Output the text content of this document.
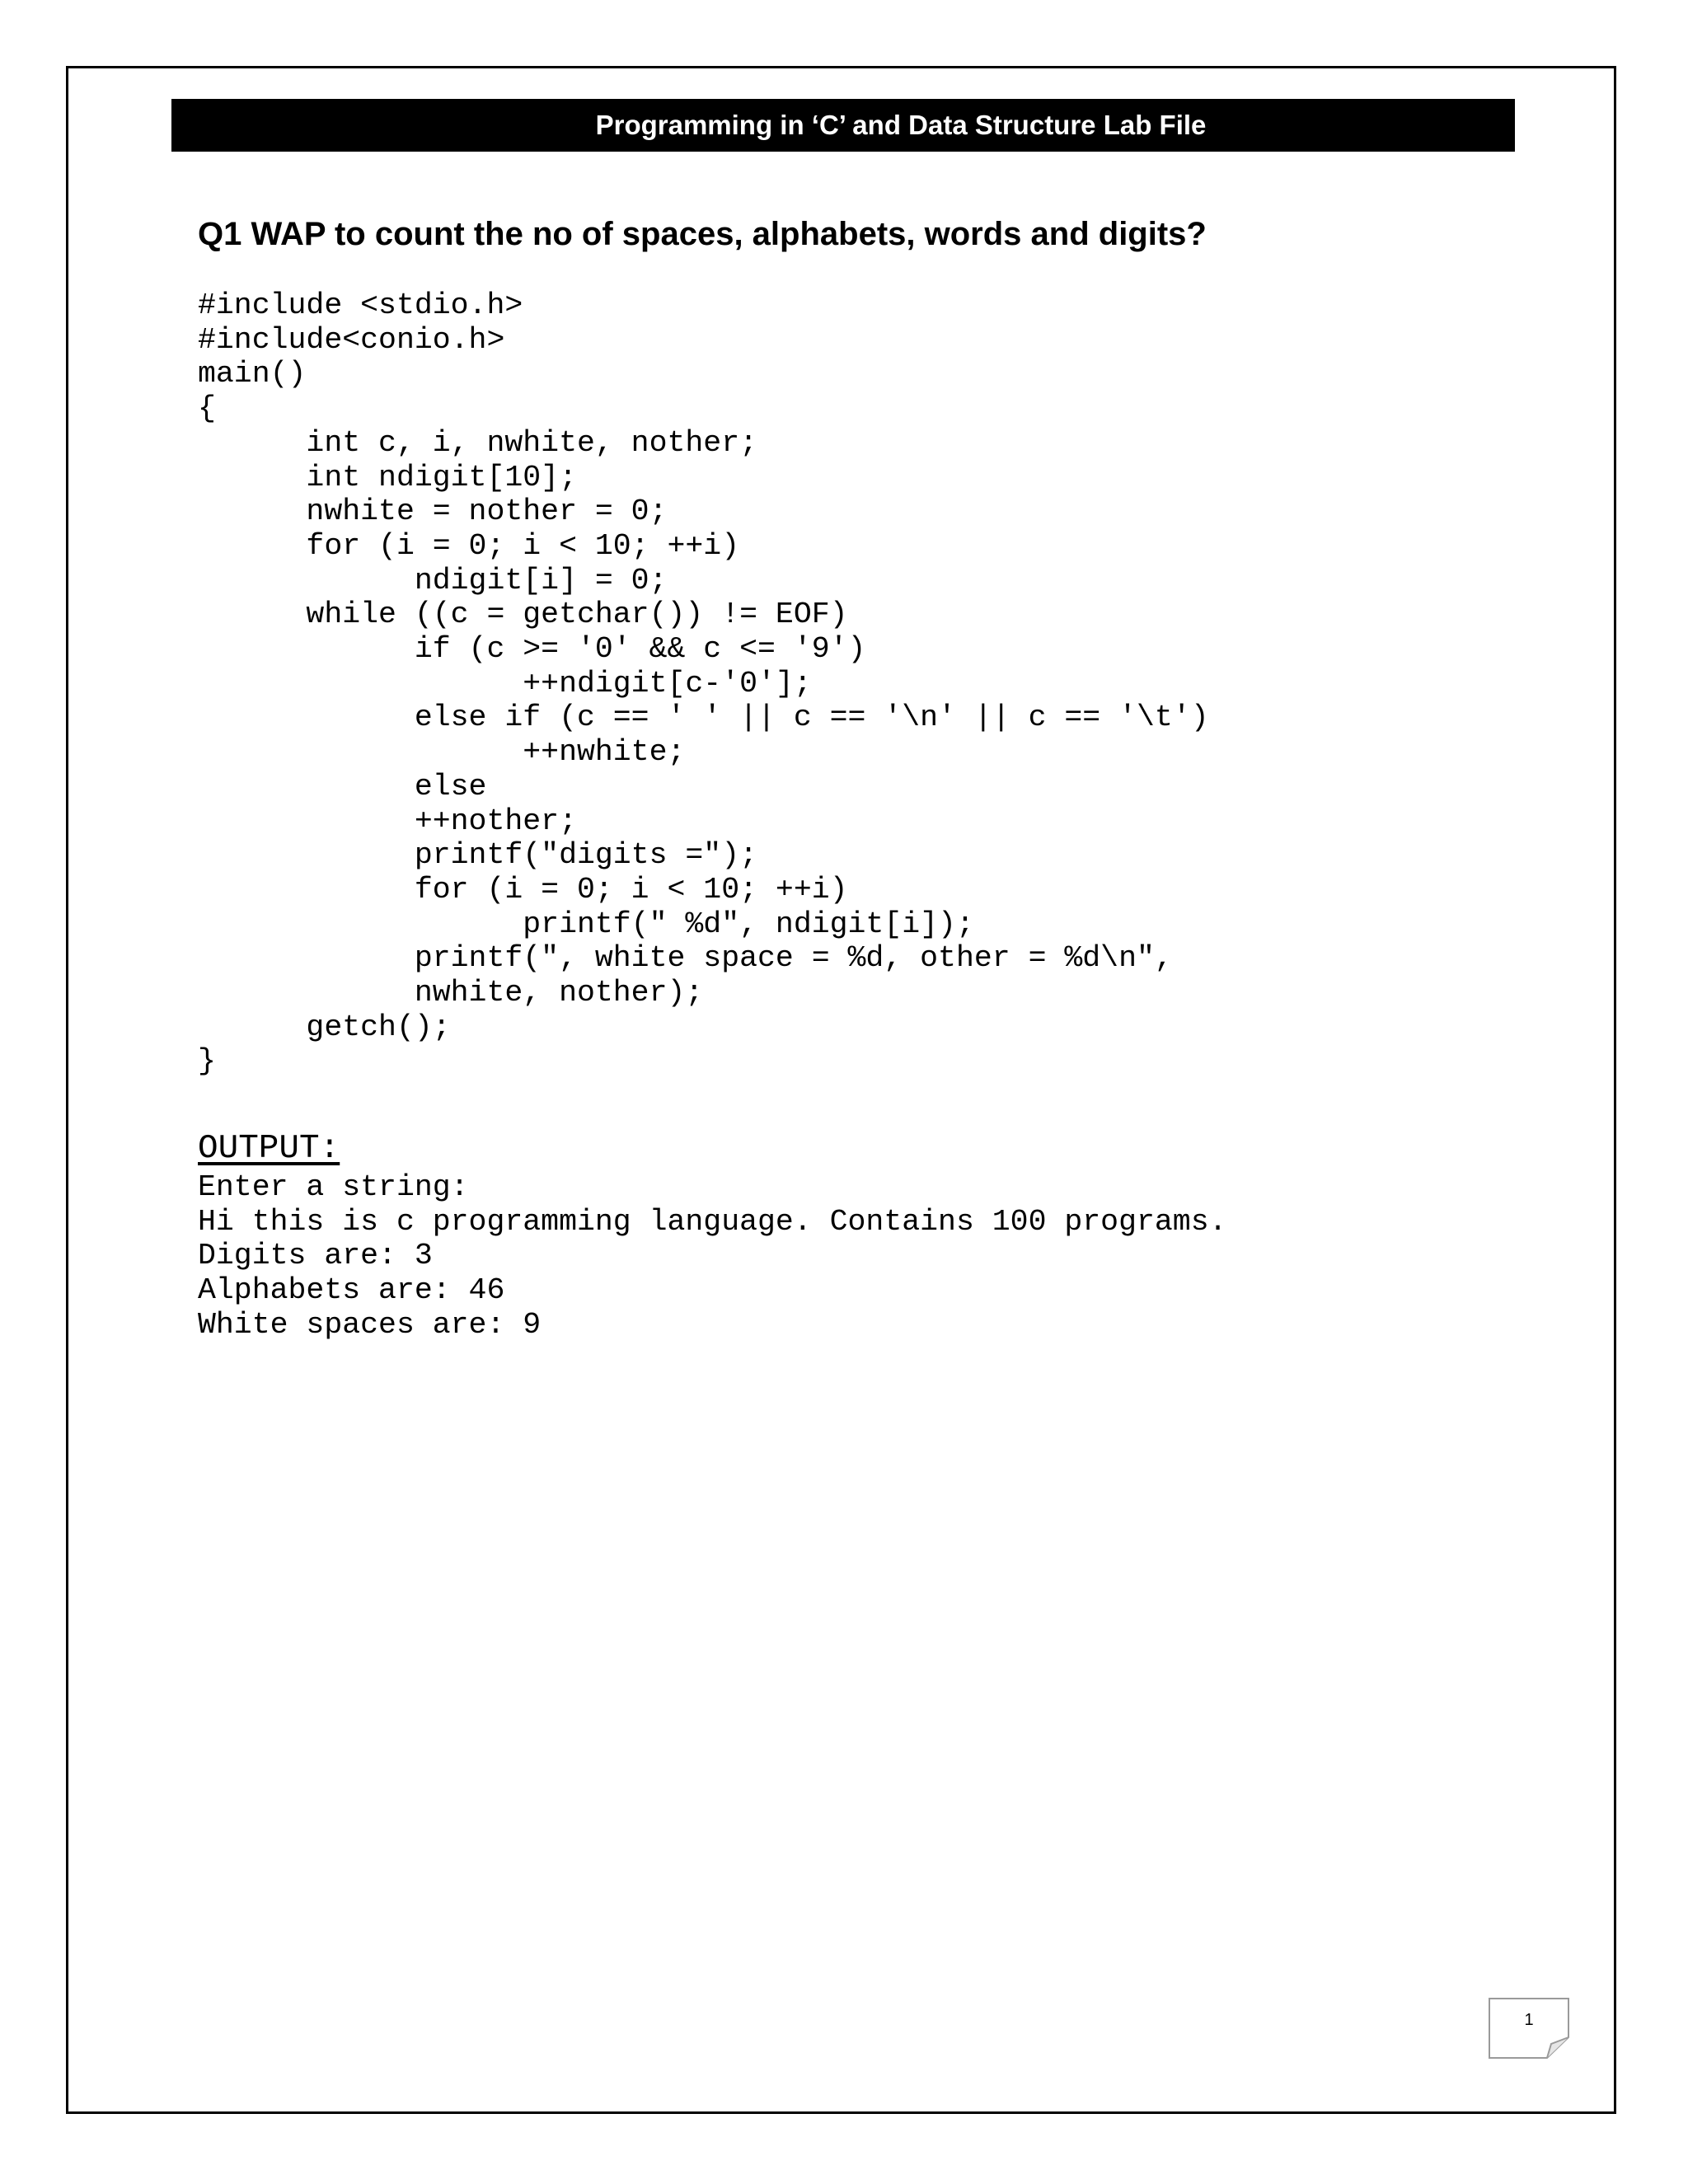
Programming in ‘C’ and Data Structure Lab File
Q1 WAP to count the no of spaces, alphabets, words and digits?
#include <stdio.h>
#include<conio.h>
main()
{
int c, i, nwhite, nother;
int ndigit[10];
nwhite = nother = 0;
for (i = 0; i < 10; ++i)
ndigit[i] = 0;
while ((c = getchar()) != EOF)
if (c >= '0' && c <= '9')
++ndigit[c-'0'];
else if (c == ' ' || c == '\n' || c == '\t')
++nwhite;
else
++nother;
printf("digits =");
for (i = 0; i < 10; ++i)
printf(" %d", ndigit[i]);
printf(", white space = %d, other = %d\n",
nwhite, nother);
getch();
}
OUTPUT:
Enter a string:
Hi this is c programming language. Contains 100 programs.
Digits are: 3
Alphabets are: 46
White spaces are: 9
1
